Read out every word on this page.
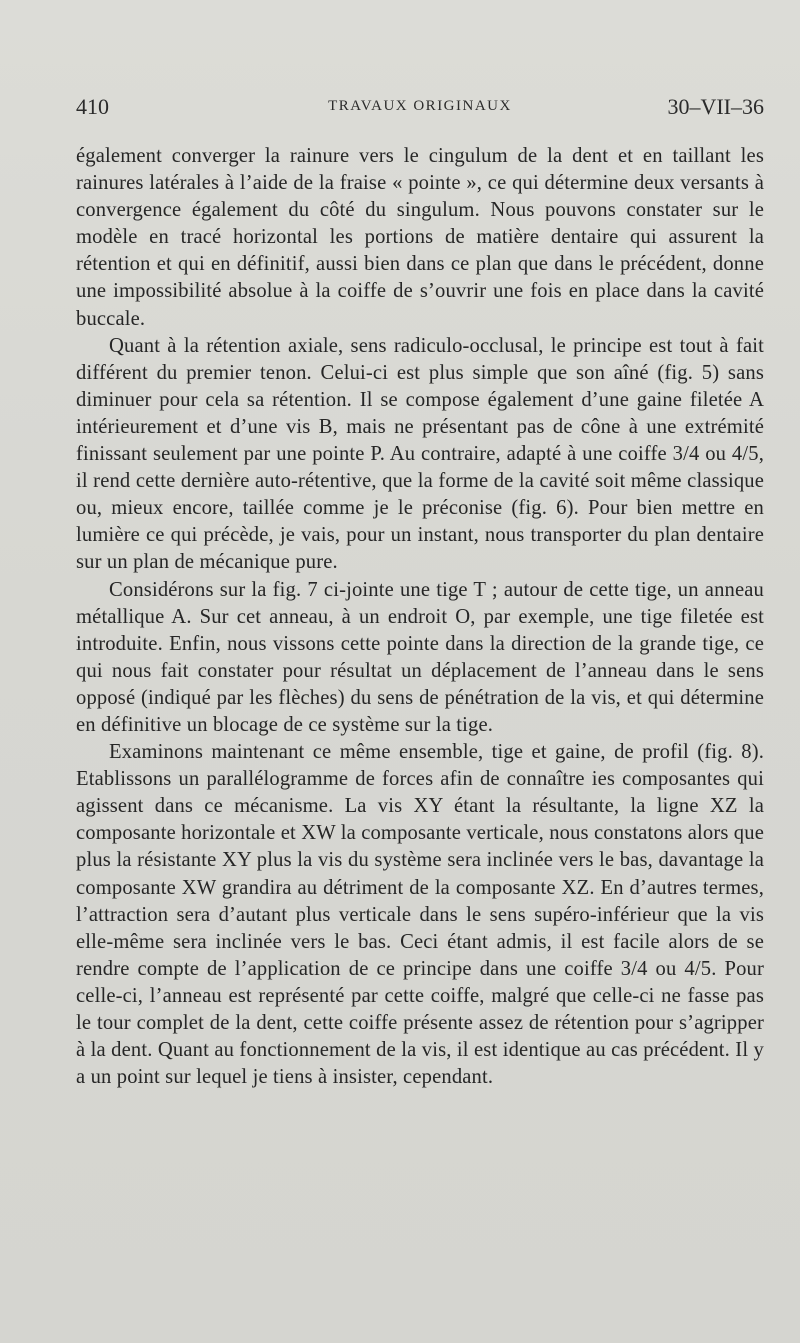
410	TRAVAUX ORIGINAUX	30–VII–36

également converger la rainure vers le cingulum de la dent et en taillant les rainures latérales à l’aide de la fraise « pointe », ce qui détermine deux versants à convergence également du côté du singulum. Nous pouvons constater sur le modèle en tracé horizontal les portions de matière dentaire qui assurent la rétention et qui en définitif, aussi bien dans ce plan que dans le précédent, donne une impossibilité absolue à la coiffe de s’ouvrir une fois en place dans la cavité buccale.

Quant à la rétention axiale, sens radiculo-occlusal, le principe est tout à fait différent du premier tenon. Celui-ci est plus simple que son aîné (fig. 5) sans diminuer pour cela sa rétention. Il se compose également d’une gaine filetée A intérieurement et d’une vis B, mais ne présentant pas de cône à une extrémité finissant seulement par une pointe P. Au contraire, adapté à une coiffe 3/4 ou 4/5, il rend cette dernière auto-rétentive, que la forme de la cavité soit même classique ou, mieux encore, taillée comme je le préconise (fig. 6). Pour bien mettre en lumière ce qui précède, je vais, pour un instant, nous transporter du plan dentaire sur un plan de mécanique pure.

Considérons sur la fig. 7 ci-jointe une tige T ; autour de cette tige, un anneau métallique A. Sur cet anneau, à un endroit O, par exemple, une tige filetée est introduite. Enfin, nous vissons cette pointe dans la direction de la grande tige, ce qui nous fait constater pour résultat un déplacement de l’anneau dans le sens opposé (indiqué par les flèches) du sens de pénétration de la vis, et qui détermine en définitive un blocage de ce système sur la tige.

Examinons maintenant ce même ensemble, tige et gaine, de profil (fig. 8). Etablissons un parallélogramme de forces afin de connaître ies composantes qui agissent dans ce mécanisme. La vis XY étant la résultante, la ligne XZ la composante horizontale et XW la composante verticale, nous constatons alors que plus la résistante XY plus la vis du système sera inclinée vers le bas, davantage la composante XW grandira au détriment de la composante XZ. En d’autres termes, l’attraction sera d’autant plus verticale dans le sens supéro-inférieur que la vis elle-même sera inclinée vers le bas. Ceci étant admis, il est facile alors de se rendre compte de l’application de ce principe dans une coiffe 3/4 ou 4/5. Pour celle-ci, l’anneau est représenté par cette coiffe, malgré que celle-ci ne fasse pas le tour complet de la dent, cette coiffe présente assez de rétention pour s’agripper à la dent. Quant au fonctionnement de la vis, il est identique au cas précédent. Il y a un point sur lequel je tiens à insister, cependant.
